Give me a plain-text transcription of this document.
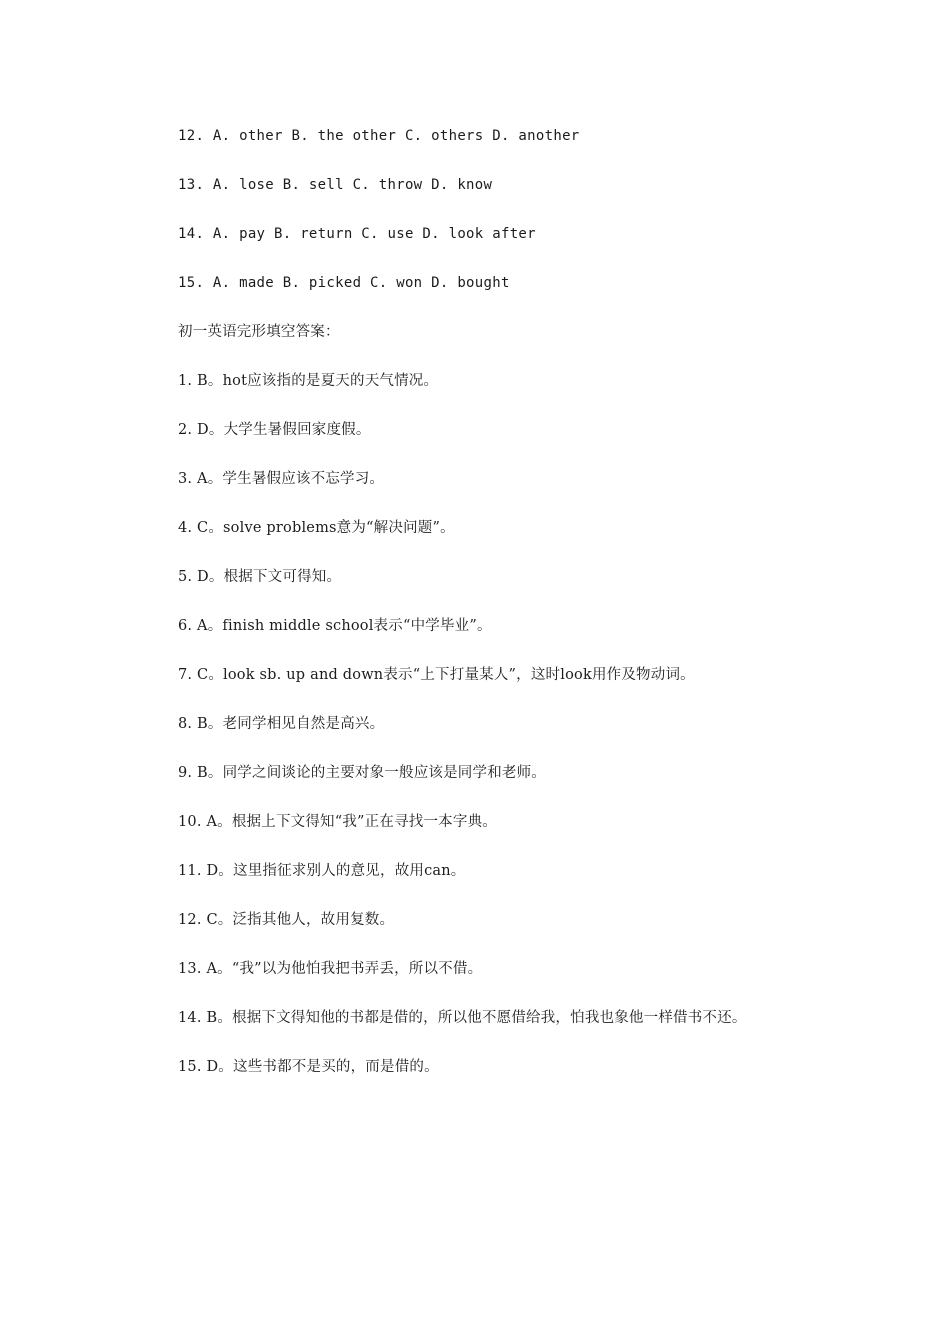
12. A. other B. the other C. others D. another
13. A. lose B. sell C. throw D. know
14. A. pay B. return C. use D. look after
15. A. made B. picked C. won D. bought
初一英语完形填空答案：
1. B。hot应该指的是夏天的天气情况。
2. D。大学生暑假回家度假。
3. A。学生暑假应该不忘学习。
4. C。solve problems意为“解决问题”。
5. D。根据下文可得知。
6. A。finish middle school表示“中学毕业”。
7. C。look sb. up and down表示“上下打量某人”，这时look用作及物动词。
8. B。老同学相见自然是高兴。
9. B。同学之间谈论的主要对象一般应该是同学和老师。
10. A。根据上下文得知“我”正在寻找一本字典。
11. D。这里指征求别人的意见，故用can。
12. C。泛指其他人，故用复数。
13. A。“我”以为他怕我把书弄丢，所以不借。
14. B。根据下文得知他的书都是借的，所以他不愿借给我，怕我也象他一样借书不还。
15. D。这些书都不是买的，而是借的。
